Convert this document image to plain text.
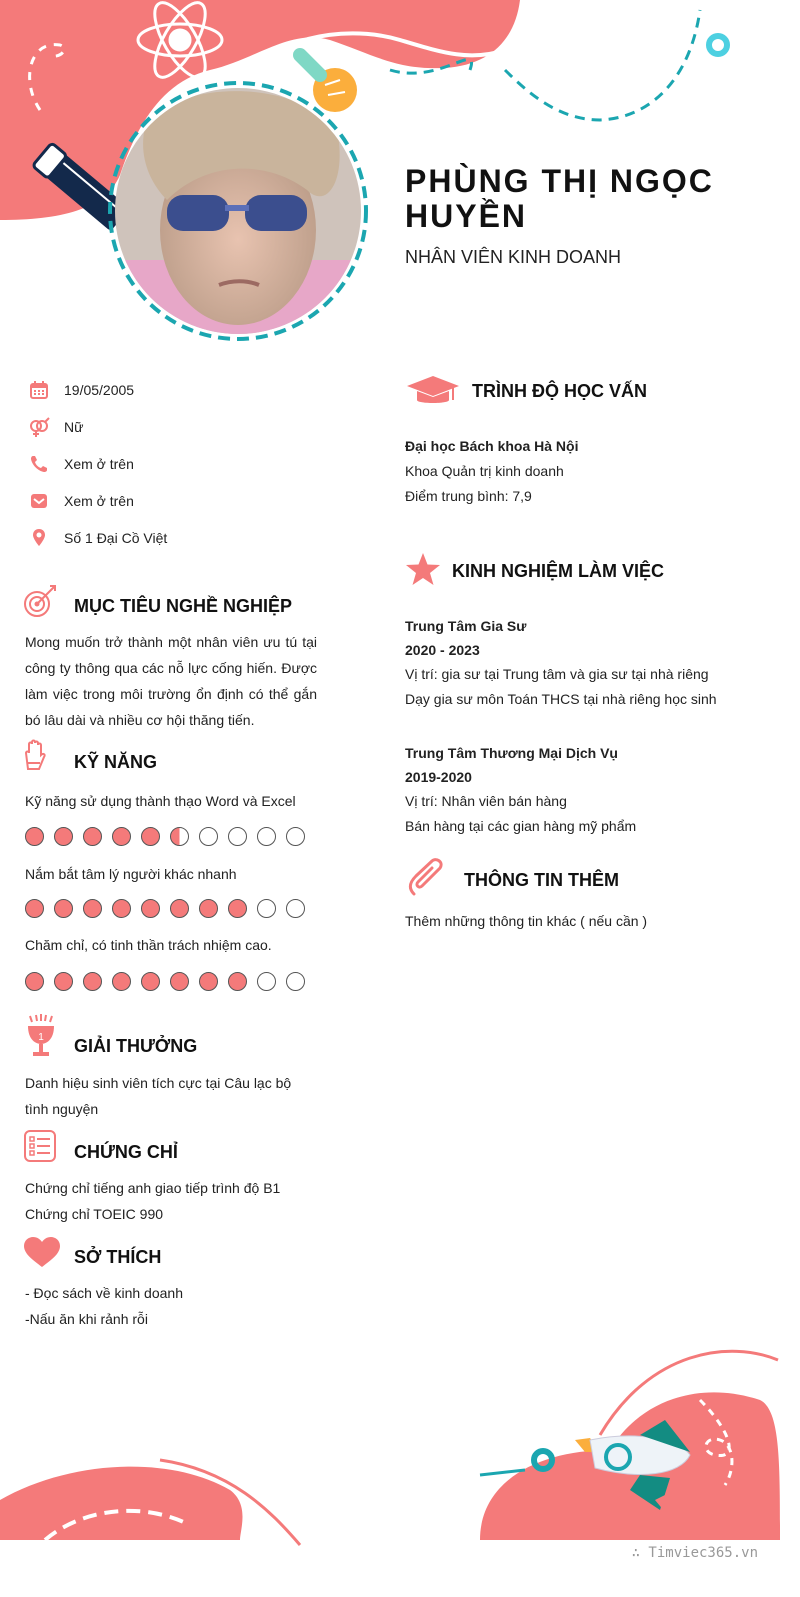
PHÙNG THỊ NGỌC HUYỀN
NHÂN VIÊN KINH DOANH
19/05/2005
Nữ
Xem ở trên
Xem ở trên
Số 1 Đại Cồ Việt
MỤC TIÊU NGHỀ NGHIỆP
Mong muốn trở thành một nhân viên ưu tú tại công ty thông qua các nỗ lực cống hiến. Được làm việc trong môi trường ổn định có thể gắn bó lâu dài và nhiều cơ hội thăng tiến.
KỸ NĂNG
Kỹ năng sử dụng thành thạo Word và Excel
Nắm bắt tâm lý người khác nhanh
Chăm chỉ, có tinh thần trách nhiệm cao.
1 GIẢI THƯỞNG
Danh hiệu sinh viên tích cực tại Câu lạc bộ tình nguyện
CHỨNG CHỈ
Chứng chỉ tiếng anh giao tiếp trình độ B1
Chứng chỉ TOEIC 990
SỞ THÍCH
- Đọc sách về kinh doanh
-Nấu ăn khi rảnh rỗi
TRÌNH ĐỘ HỌC VẤN
Đại học Bách khoa Hà Nội
Khoa Quản trị kinh doanh
Điểm trung bình: 7,9
KINH NGHIỆM LÀM VIỆC
Trung Tâm Gia Sư
2020 - 2023
Vị trí: gia sư tại Trung tâm và gia sư tại nhà riêng
Dạy gia sư môn Toán THCS tại nhà riêng học sinh
Trung Tâm Thương Mại Dịch Vụ
2019-2020
Vị trí: Nhân viên bán hàng
Bán hàng tại các gian hàng mỹ phẩm
THÔNG TIN THÊM
Thêm những thông tin khác ( nếu cần )
∴ Timviec365.vn
